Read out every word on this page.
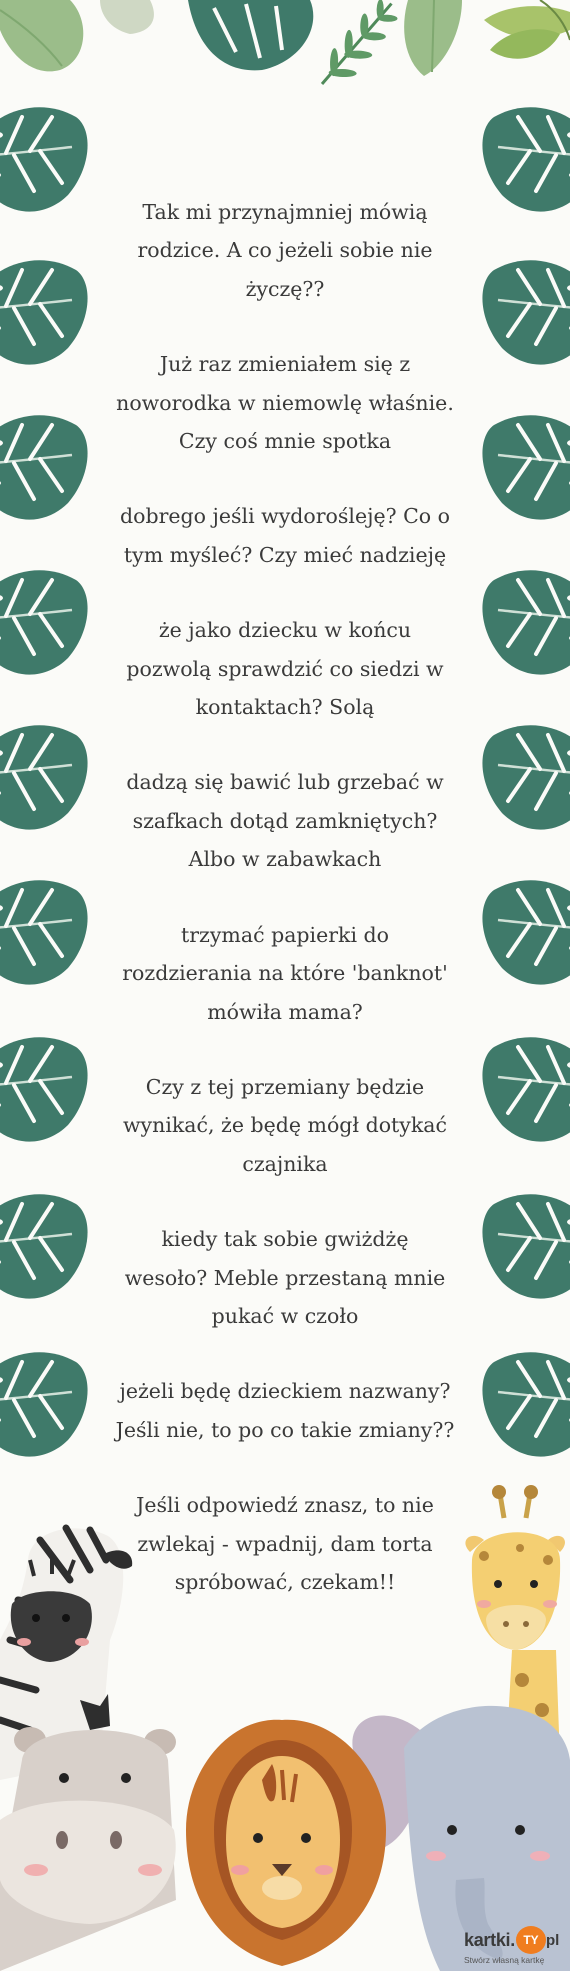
Tak mi przynajmniej mówią
rodzice. A co jeżeli sobie nie
życzę??

Już raz zmieniałem się z
noworodka w niemowlę właśnie.
Czy coś mnie spotka

dobrego jeśli wydorośleję? Co o
tym myśleć? Czy mieć nadzieję

że jako dziecku w końcu
pozwolą sprawdzić co siedzi w
kontaktach? Solą

dadzą się bawić lub grzebać w
szafkach dotąd zamkniętych?
Albo w zabawkach

trzymać papierki do
rozdzierania na które 'banknot'
mówiła mama?

Czy z tej przemiany będzie
wynikać, że będę mógł dotykać
czajnika

kiedy tak sobie gwiżdżę
wesoło? Meble przestaną mnie
pukać w czoło

jeżeli będę dzieckiem nazwany?
Jeśli nie, to po co takie zmiany??

Jeśli odpowiedź znasz, to nie
zwlekaj - wpadnij, dam torta
spróbować, czekam!!

kartki. TY pl
Stwórz własną kartkę
